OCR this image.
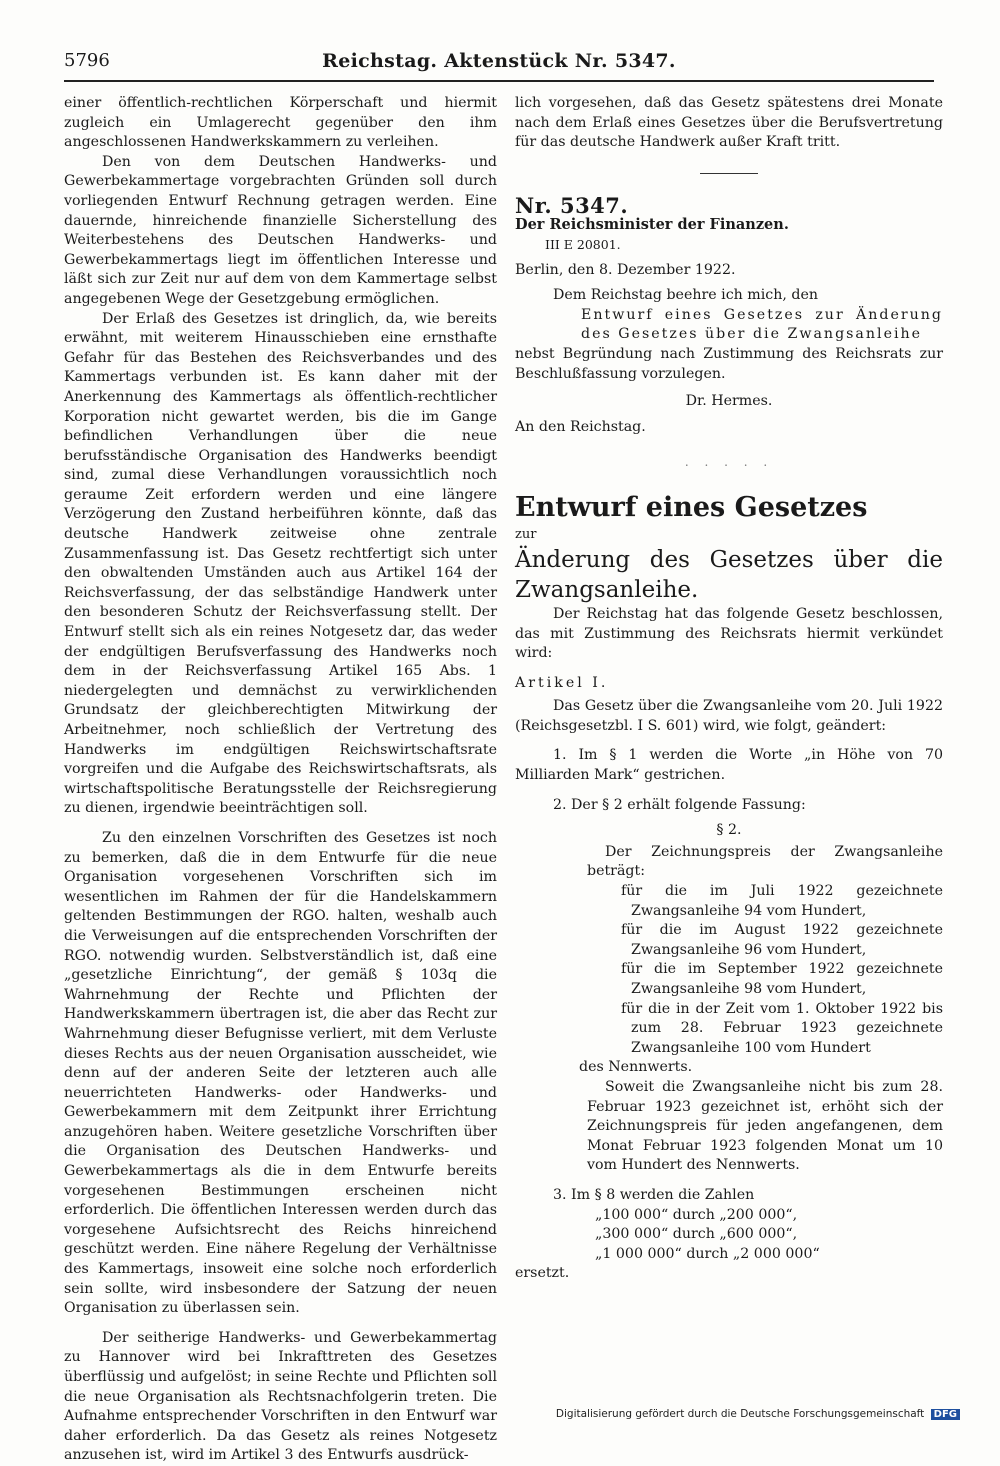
5796	Reichstag. Aktenstück Nr. 5347.

einer öffentlich-rechtlichen Körperschaft und hiermit zugleich ein Umlagerecht gegenüber den ihm angeschlossenen Handwerkskammern zu verleihen.

Den von dem Deutschen Handwerks- und Gewerbekammertage vorgebrachten Gründen soll durch vorliegenden Entwurf Rechnung getragen werden. Eine dauernde, hinreichende finanzielle Sicherstellung des Weiterbestehens des Deutschen Handwerks- und Gewerbekammertags liegt im öffentlichen Interesse und läßt sich zur Zeit nur auf dem von dem Kammertage selbst angegebenen Wege der Gesetzgebung ermöglichen.

Der Erlaß des Gesetzes ist dringlich, da, wie bereits erwähnt, mit weiterem Hinausschieben eine ernsthafte Gefahr für das Bestehen des Reichsverbandes und des Kammertags verbunden ist. Es kann daher mit der Anerkennung des Kammertags als öffentlich-rechtlicher Korporation nicht gewartet werden, bis die im Gange befindlichen Verhandlungen über die neue berufsständische Organisation des Handwerks beendigt sind, zumal diese Verhandlungen voraussichtlich noch geraume Zeit erfordern werden und eine längere Verzögerung den Zustand herbeiführen könnte, daß das deutsche Handwerk zeitweise ohne zentrale Zusammenfassung ist. Das Gesetz rechtfertigt sich unter den obwaltenden Umständen auch aus Artikel 164 der Reichsverfassung, der das selbständige Handwerk unter den besonderen Schutz der Reichsverfassung stellt. Der Entwurf stellt sich als ein reines Notgesetz dar, das weder der endgültigen Berufsverfassung des Handwerks noch dem in der Reichsverfassung Artikel 165 Abs. 1 niedergelegten und demnächst zu verwirklichenden Grundsatz der gleichberechtigten Mitwirkung der Arbeitnehmer, noch schließlich der Vertretung des Handwerks im endgültigen Reichswirtschaftsrate vorgreifen und die Aufgabe des Reichswirtschaftsrats, als wirtschaftspolitische Beratungsstelle der Reichsregierung zu dienen, irgendwie beeinträchtigen soll.

Zu den einzelnen Vorschriften des Gesetzes ist noch zu bemerken, daß die in dem Entwurfe für die neue Organisation vorgesehenen Vorschriften sich im wesentlichen im Rahmen der für die Handelskammern geltenden Bestimmungen der RGO. halten, weshalb auch die Verweisungen auf die entsprechenden Vorschriften der RGO. notwendig wurden. Selbstverständlich ist, daß eine „gesetzliche Einrichtung“, der gemäß § 103q die Wahrnehmung der Rechte und Pflichten der Handwerkskammern übertragen ist, die aber das Recht zur Wahrnehmung dieser Befugnisse verliert, mit dem Verluste dieses Rechts aus der neuen Organisation ausscheidet, wie denn auf der anderen Seite der letzteren auch alle neuerrichteten Handwerks- oder Handwerks- und Gewerbekammern mit dem Zeitpunkt ihrer Errichtung anzugehören haben. Weitere gesetzliche Vorschriften über die Organisation des Deutschen Handwerks- und Gewerbekammertags als die in dem Entwurfe bereits vorgesehenen Bestimmungen erscheinen nicht erforderlich. Die öffentlichen Interessen werden durch das vorgesehene Aufsichtsrecht des Reichs hinreichend geschützt werden. Eine nähere Regelung der Verhältnisse des Kammertags, insoweit eine solche noch erforderlich sein sollte, wird insbesondere der Satzung der neuen Organisation zu überlassen sein.

Der seitherige Handwerks- und Gewerbekammertag zu Hannover wird bei Inkrafttreten des Gesetzes überflüssig und aufgelöst; in seine Rechte und Pflichten soll die neue Organisation als Rechtsnachfolgerin treten. Die Aufnahme entsprechender Vorschriften in den Entwurf war daher erforderlich. Da das Gesetz als reines Notgesetz anzusehen ist, wird im Artikel 3 des Entwurfs ausdrück-

lich vorgesehen, daß das Gesetz spätestens drei Monate nach dem Erlaß eines Gesetzes über die Berufsvertretung für das deutsche Handwerk außer Kraft tritt.

Nr. 5347.

Der Reichsminister der Finanzen.

III E 20801.

Berlin, den 8. Dezember 1922.

Dem Reichstag beehre ich mich, den

Entwurf eines Gesetzes zur Änderung des Gesetzes über die Zwangsanleihe

nebst Begründung nach Zustimmung des Reichsrats zur Beschlußfassung vorzulegen.

Dr. Hermes.

An den Reichstag.

. . . . .

Entwurf eines Gesetzes

zur

Änderung des Gesetzes über die Zwangsanleihe.

Der Reichstag hat das folgende Gesetz beschlossen, das mit Zustimmung des Reichsrats hiermit verkündet wird:

Artikel I.

Das Gesetz über die Zwangsanleihe vom 20. Juli 1922 (Reichsgesetzbl. I S. 601) wird, wie folgt, geändert:

1. Im § 1 werden die Worte „in Höhe von 70 Milliarden Mark“ gestrichen.

2. Der § 2 erhält folgende Fassung:

§ 2.

Der Zeichnungspreis der Zwangsanleihe beträgt:

für die im Juli 1922 gezeichnete Zwangsanleihe 94 vom Hundert,

für die im August 1922 gezeichnete Zwangsanleihe 96 vom Hundert,

für die im September 1922 gezeichnete Zwangsanleihe 98 vom Hundert,

für die in der Zeit vom 1. Oktober 1922 bis zum 28. Februar 1923 gezeichnete Zwangsanleihe 100 vom Hundert

des Nennwerts.

Soweit die Zwangsanleihe nicht bis zum 28. Februar 1923 gezeichnet ist, erhöht sich der Zeichnungspreis für jeden angefangenen, dem Monat Februar 1923 folgenden Monat um 10 vom Hundert des Nennwerts.

3. Im § 8 werden die Zahlen

„100 000“ durch „200 000“,
„300 000“ durch „600 000“,
„1 000 000“ durch „2 000 000“

ersetzt.

Digitalisierung gefördert durch die Deutsche Forschungsgemeinschaft DFG
